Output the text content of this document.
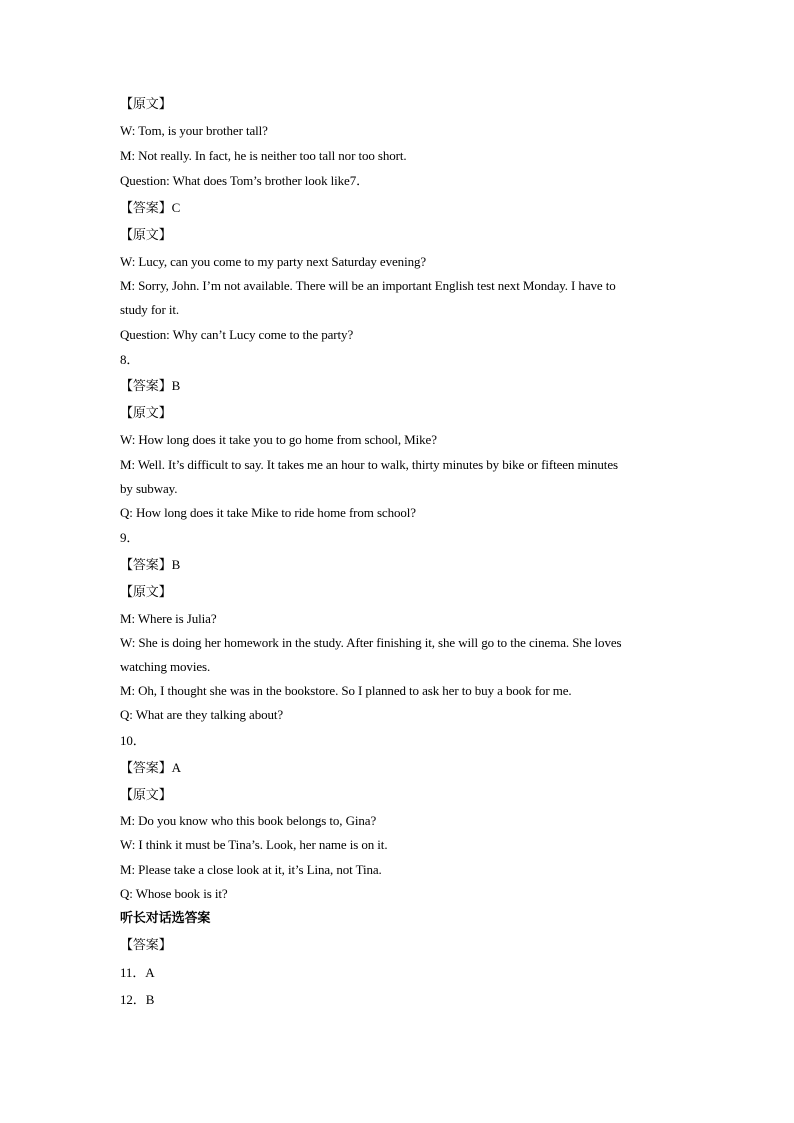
【原文】
W: Tom, is your brother tall?
M: Not really. In fact, he is neither too tall nor too short.
Question: What does Tom’s brother look like7．
【答案】C
【原文】
W: Lucy, can you come to my party next Saturday evening?
M: Sorry, John. I’m not available. There will be an important English test next Monday. I have to
study for it.
Question: Why can’t Lucy come to the party?
8．
【答案】B
【原文】
W: How long does it take you to go home from school, Mike?
M: Well. It’s difficult to say. It takes me an hour to walk, thirty minutes by bike or fifteen minutes
by subway.
Q: How long does it take Mike to ride home from school?
9．
【答案】B
【原文】
M: Where is Julia?
W: She is doing her homework in the study. After finishing it, she will go to the cinema. She loves
watching movies.
M: Oh, I thought she was in the bookstore. So I planned to ask her to buy a book for me.
Q: What are they talking about?
10．
【答案】A
【原文】
M: Do you know who this book belongs to, Gina?
W: I think it must be Tina’s. Look, her name is on it.
M: Please take a close look at it, it’s Lina, not Tina.
Q: Whose book is it?
听长对话选答案
【答案】
11．A
12．B
